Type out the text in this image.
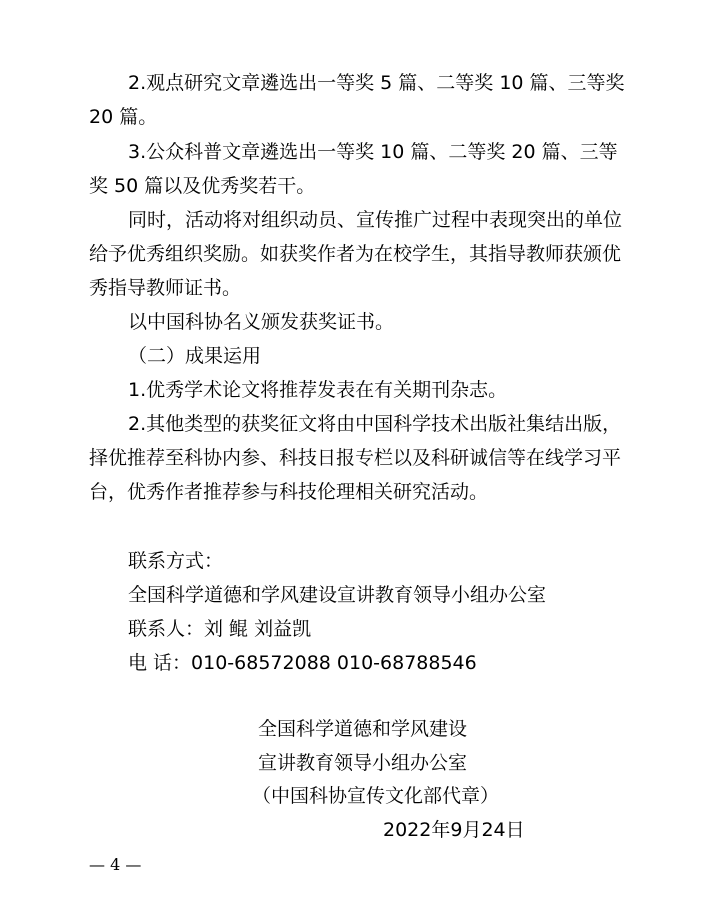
2.观点研究文章遴选出一等奖 5 篇、二等奖 10 篇、三等奖
20 篇。
3.公众科普文章遴选出一等奖 10 篇、二等奖 20 篇、三等
奖 50 篇以及优秀奖若干。
同时，活动将对组织动员、宣传推广过程中表现突出的单位
给予优秀组织奖励。如获奖作者为在校学生，其指导教师获颁优
秀指导教师证书。
以中国科协名义颁发获奖证书。
（二）成果运用
1.优秀学术论文将推荐发表在有关期刊杂志。
2.其他类型的获奖征文将由中国科学技术出版社集结出版，
择优推荐至科协内参、科技日报专栏以及科研诚信等在线学习平
台，优秀作者推荐参与科技伦理相关研究活动。
联系方式：
全国科学道德和学风建设宣讲教育领导小组办公室
联系人：刘 鲲 刘益凯
电 话：010-68572088 010-68788546
全国科学道德和学风建设
宣讲教育领导小组办公室
（中国科协宣传文化部代章）
2022年9月24日
— 4 —
